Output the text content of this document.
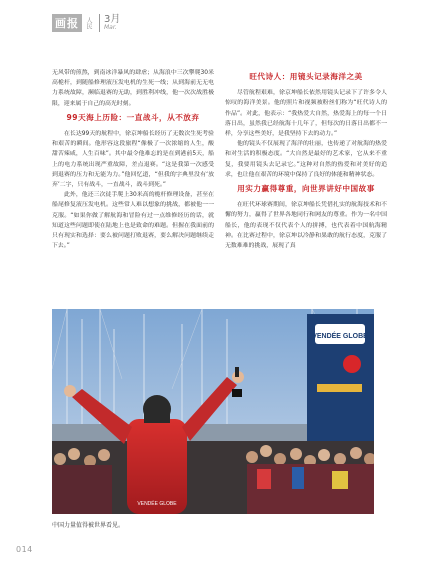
画报	人民 3月
Mar.

无风带的煎熬，到南冰洋暴风的肆虐；从海浪中三次攀爬30米高桅杆，到随船修理液压发电机的生死一线；从到海前无无电力系统故障，濒临退赛的无助，到胜利冲线，他一次次战胜极限，迎来属于自己的高光时刻。

99天海上历险：一直战斗，从不放弃

在长达99天的航程中，徐京坤船长经历了无数次生死考验和艰苦的瞬间。他形容这段旅程“像极了一次浓缩的人生，酸甜苦辣咸，人生百味”。其中最令他难忘的是在到港前5天，船上的电力系统出现严重故障，差点退赛。“这是我第一次感受到退赛的压力和无能为力。”他回忆道，“但我的字典里没有‘放弃’二字，只有战斗，一直战斗，战斗到死。”

此外，他还三次徒手爬上30米高的桅杆修理设备，甚至在船尾修复液压发电机。这些常人难以想象的挑战，都被他一一克服。“如果你做了解航海和冒险有过一点维修经历的话，就知道这些问题即使在陆地上也是致命的难题。但握在我面前的只有现实和选择：要么被问题打败退赛，要么解决问题继续走下去。”

旺代诗人：用镜头记录海洋之美

尽管航程艰难，徐京坤船长依然用镜头记录下了许多令人惊叹的海洋美景。他的照片和视频被粉丝们称为“旺代诗人的作品”。对此，他表示：“我热爱大自然，热爱海上的每一个日落日出，虽然我已经航海十几年了，但每次的日落日出都不一样，分享这些美好，是我坚持下去的动力。”

他的镜头不仅展现了海洋的壮丽，也传递了对航海的热爱和对生活的积极态度。“大自然是最好的艺术家，它从来不重复，我要用镜头去记录它。”这种对自然的热爱和对美好的追求，也让他在艰苦的环境中保持了良好的体能和精神状态。

用实力赢得尊重，向世界讲好中国故事

在旺代环球赛期间，徐京坤船长凭借扎实的航海技术和不懈的努力，赢得了世界各地同行和网友的尊重。作为一名中国船长，他的表现不仅代表个人的拼搏，也代表着中国航海精神。在比赛过程中，徐京坤以冷静和果敢的航行态度，克服了无数难难的挑战，展现了真

VENDÉE GLOBE
VENDÉE GLOBE
中国力量值得被世界看见。
014
